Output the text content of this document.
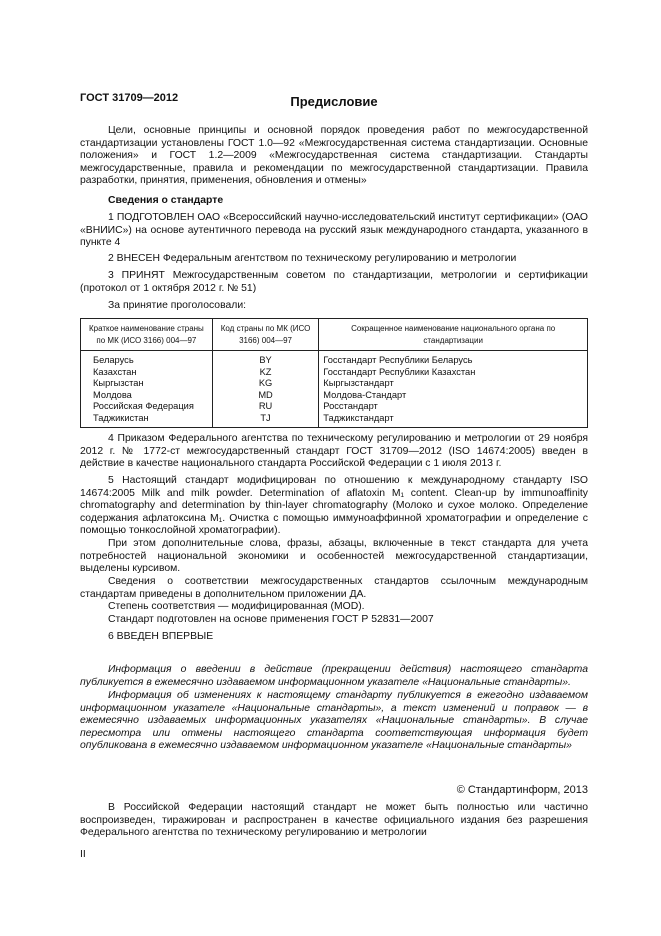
ГОСТ 31709—2012	Предисловие

Цели, основные принципы и основной порядок проведения работ по межгосударственной стандартизации установлены ГОСТ 1.0—92 «Межгосударственная система стандартизации. Основные положения» и ГОСТ 1.2—2009 «Межгосударственная система стандартизации. Стандарты межгосударственные, правила и рекомендации по межгосударственной стандартизации. Правила разработки, принятия, применения, обновления и отмены»

Сведения о стандарте

1 ПОДГОТОВЛЕН ОАО «Всероссийский научно-исследовательский институт сертификации» (ОАО «ВНИИС») на основе аутентичного перевода на русский язык международного стандарта, указанного в пункте 4

2 ВНЕСЕН Федеральным агентством по техническому регулированию и метрологии

3 ПРИНЯТ Межгосударственным советом по стандартизации, метрологии и сертификации (протокол от 1 октября 2012 г. № 51)

За принятие проголосовали:

Краткое наименование страны по МК (ИСО 3166) 004—97	Код страны по МК (ИСО 3166) 004—97	Сокращенное наименование национального органа по стандартизации
Беларусь	BY	Госстандарт Республики Беларусь
Казахстан	KZ	Госстандарт Республики Казахстан
Кыргызстан	KG	Кыргызстандарт
Молдова	MD	Молдова-Стандарт
Российская Федерация	RU	Росстандарт
Таджикистан	TJ	Таджикстандарт

4 Приказом Федерального агентства по техническому регулированию и метрологии от 29 ноября 2012 г. № 1772-ст межгосударственный стандарт ГОСТ 31709—2012 (ISO 14674:2005) введен в действие в качестве национального стандарта Российской Федерации с 1 июля 2013 г.

5 Настоящий стандарт модифицирован по отношению к международному стандарту ISO 14674:2005 Milk and milk powder. Determination of aflatoxin M₁ content. Clean-up by immunoaffinity chromatography and determination by thin-layer chromatography (Молоко и сухое молоко. Определение содержания афлатоксина M₁. Очистка с помощью иммуноаффинной хроматографии и определение с помощью тонкослойной хроматографии).

При этом дополнительные слова, фразы, абзацы, включенные в текст стандарта для учета потребностей национальной экономики и особенностей межгосударственной стандартизации, выделены курсивом.

Сведения о соответствии межгосударственных стандартов ссылочным международным стандартам приведены в дополнительном приложении ДА.

Степень соответствия — модифицированная (MOD).

Стандарт подготовлен на основе применения ГОСТ Р 52831—2007

6 ВВЕДЕН ВПЕРВЫЕ

Информация о введении в действие (прекращении действия) настоящего стандарта публикуется в ежемесячно издаваемом информационном указателе «Национальные стандарты».

Информация об изменениях к настоящему стандарту публикуется в ежегодно издаваемом информационном указателе «Национальные стандарты», а текст изменений и поправок — в ежемесячно издаваемых информационных указателях «Национальные стандарты». В случае пересмотра или отмены настоящего стандарта соответствующая информация будет опубликована в ежемесячно издаваемом информационном указателе «Национальные стандарты»

© Стандартинформ, 2013

В Российской Федерации настоящий стандарт не может быть полностью или частично воспроизведен, тиражирован и распространен в качестве официального издания без разрешения Федерального агентства по техническому регулированию и метрологии

II
